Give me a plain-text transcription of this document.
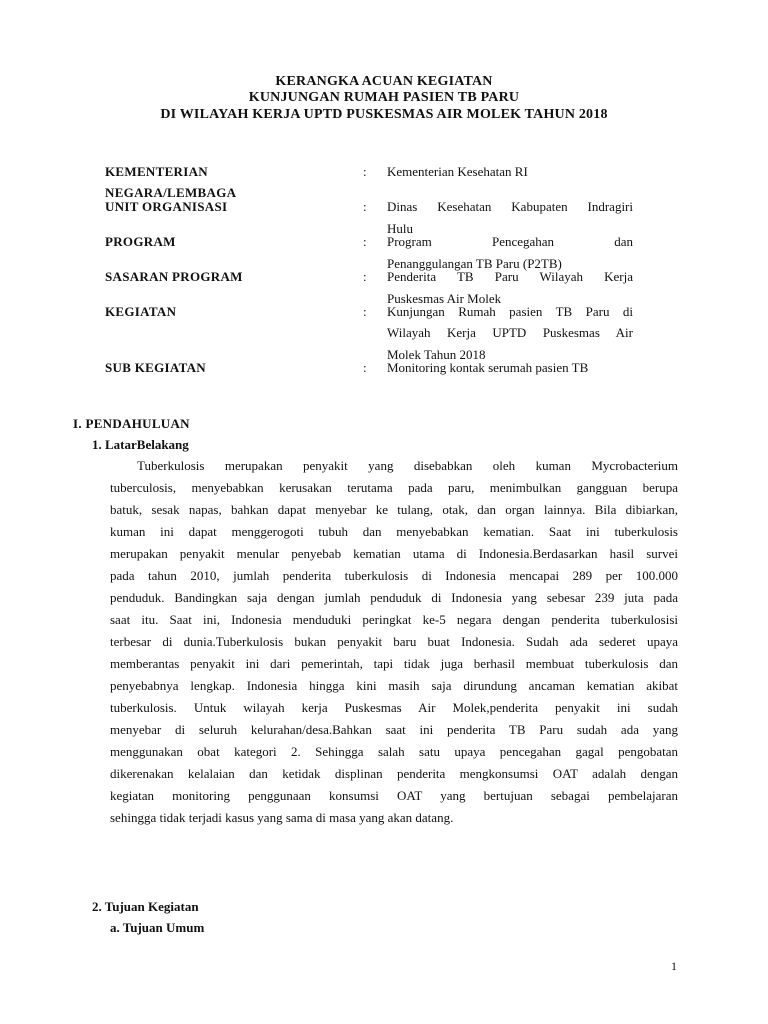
KERANGKA ACUAN KEGIATAN
KUNJUNGAN RUMAH PASIEN TB PARU
DI WILAYAH KERJA UPTD PUSKESMAS AIR MOLEK TAHUN 2018
KEMENTERIAN
NEGARA/LEMBAGA
: Kementerian Kesehatan RI
UNIT ORGANISASI	: Dinas Kesehatan Kabupaten Indragiri
Hulu
PROGRAM	: Program Pencegahan dan
Penanggulangan TB Paru (P2TB)
SASARAN PROGRAM	: Penderita TB Paru Wilayah Kerja
Puskesmas Air Molek
KEGIATAN	: Kunjungan Rumah pasien TB Paru di
Wilayah Kerja UPTD Puskesmas Air
Molek Tahun 2018
SUB KEGIATAN	: Monitoring kontak serumah pasien TB
I. PENDAHULUAN
1. LatarBelakang
Tuberkulosis merupakan penyakit yang disebabkan oleh kuman Mycrobacterium
tuberculosis, menyebabkan kerusakan terutama pada paru, menimbulkan gangguan berupa
batuk, sesak napas, bahkan dapat menyebar ke tulang, otak, dan organ lainnya. Bila dibiarkan,
kuman ini dapat menggerogoti tubuh dan menyebabkan kematian. Saat ini tuberkulosis
merupakan penyakit menular penyebab kematian utama di Indonesia.Berdasarkan hasil survei
pada tahun 2010, jumlah penderita tuberkulosis di Indonesia mencapai 289 per 100.000
penduduk. Bandingkan saja dengan jumlah penduduk di Indonesia yang sebesar 239 juta pada
saat itu. Saat ini, Indonesia menduduki peringkat ke-5 negara dengan penderita tuberkulosisi
terbesar di dunia.Tuberkulosis bukan penyakit baru buat Indonesia. Sudah ada sederet upaya
memberantas penyakit ini dari pemerintah, tapi tidak juga berhasil membuat tuberkulosis dan
penyebabnya lengkap. Indonesia hingga kini masih saja dirundung ancaman kematian akibat
tuberkulosis. Untuk wilayah kerja Puskesmas Air Molek,penderita penyakit ini sudah
menyebar di seluruh kelurahan/desa.Bahkan saat ini penderita TB Paru sudah ada yang
menggunakan obat kategori 2. Sehingga salah satu upaya pencegahan gagal pengobatan
dikerenakan kelalaian dan ketidak displinan penderita mengkonsumsi OAT adalah dengan
kegiatan monitoring penggunaan konsumsi OAT yang bertujuan sebagai pembelajaran
sehingga tidak terjadi kasus yang sama di masa yang akan datang.
2. Tujuan Kegiatan
a. Tujuan Umum
1
